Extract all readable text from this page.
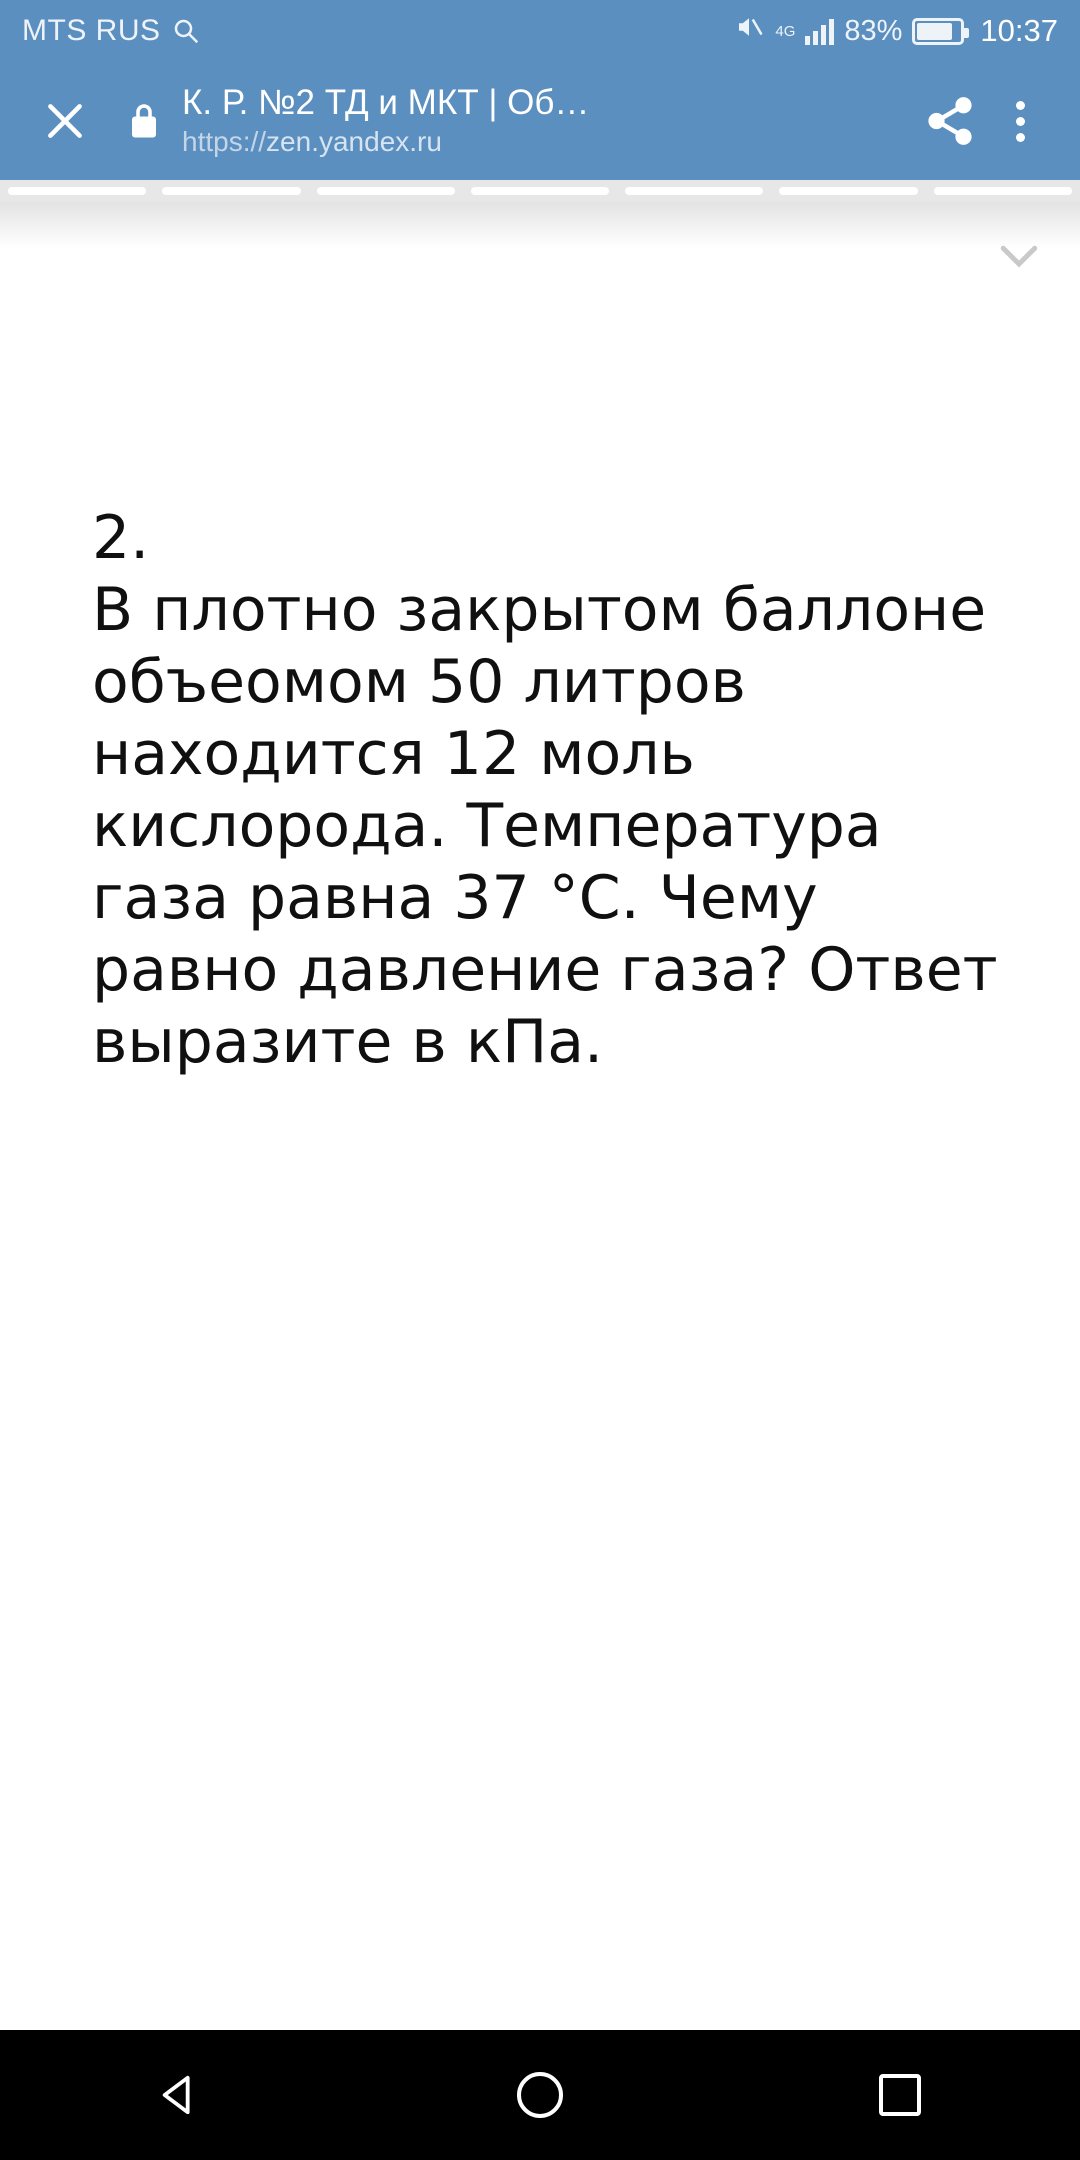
MTS RUS	4G 83%	10:37
К. Р. №2 ТД и МКТ | Об…
https://zen.yandex.ru
2.
В плотно закрытом баллоне объеомом 50 литров находится 12 моль кислорода. Температура газа равна 37 °C. Чему равно давление газа? Ответ выразите в кПа.
